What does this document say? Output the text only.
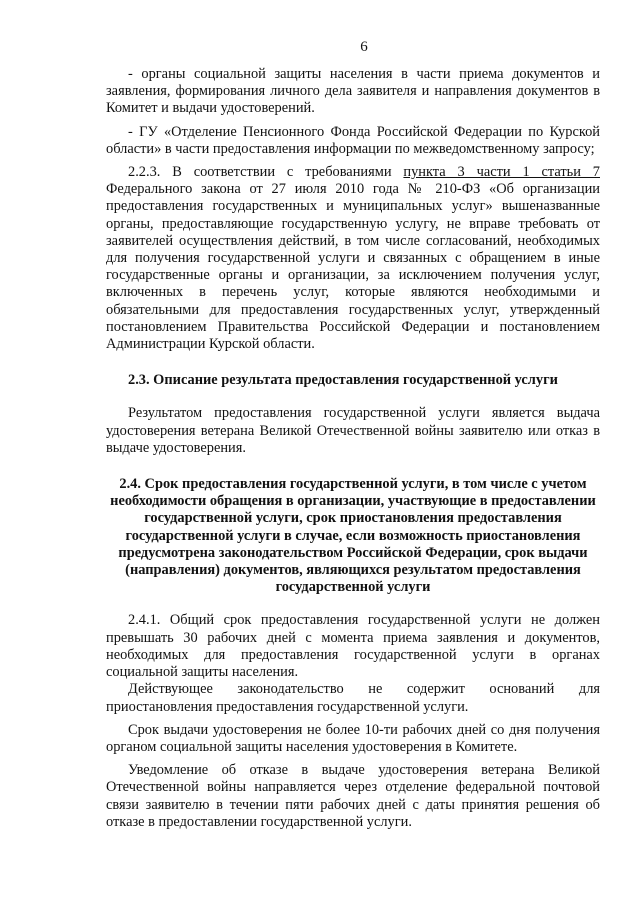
6

- органы социальной защиты населения в части приема документов и заявления, формирования личного дела заявителя и направления документов в Комитет и выдачи удостоверений.

- ГУ «Отделение Пенсионного Фонда Российской Федерации по Курской области» в части предоставления информации по межведомственному запросу;

2.2.3. В соответствии с требованиями пункта 3 части 1 статьи 7 Федерального закона от 27 июля 2010 года № 210-ФЗ «Об организации предоставления государственных и муниципальных услуг» вышеназванные органы, предоставляющие государственную услугу, не вправе требовать от заявителей осуществления действий, в том числе согласований, необходимых для получения государственной услуги и связанных с обращением в иные государственные органы и организации, за исключением получения услуг, включенных в перечень услуг, которые являются необходимыми и обязательными для предоставления государственных услуг, утвержденный постановлением Правительства Российской Федерации и постановлением Администрации Курской области.

2.3. Описание результата предоставления государственной услуги

Результатом предоставления государственной услуги является выдача удостоверения ветерана Великой Отечественной войны заявителю или отказ в выдаче удостоверения.

2.4. Срок предоставления государственной услуги, в том числе с учетом необходимости обращения в организации, участвующие в предоставлении государственной услуги, срок приостановления предоставления государственной услуги в случае, если возможность приостановления предусмотрена законодательством Российской Федерации, срок выдачи (направления) документов, являющихся результатом предоставления государственной услуги

2.4.1. Общий срок предоставления государственной услуги не должен превышать 30 рабочих дней с момента приема заявления и документов, необходимых для предоставления государственной услуги в органах социальной защиты населения.

Действующее законодательство не содержит оснований для приостановления предоставления государственной услуги.

Срок выдачи удостоверения не более 10-ти рабочих дней со дня получения органом социальной защиты населения удостоверения в Комитете.

Уведомление об отказе в выдаче удостоверения ветерана Великой Отечественной войны направляется через отделение федеральной почтовой связи заявителю в течении пяти рабочих дней с даты принятия решения об отказе в предоставлении государственной услуги.
